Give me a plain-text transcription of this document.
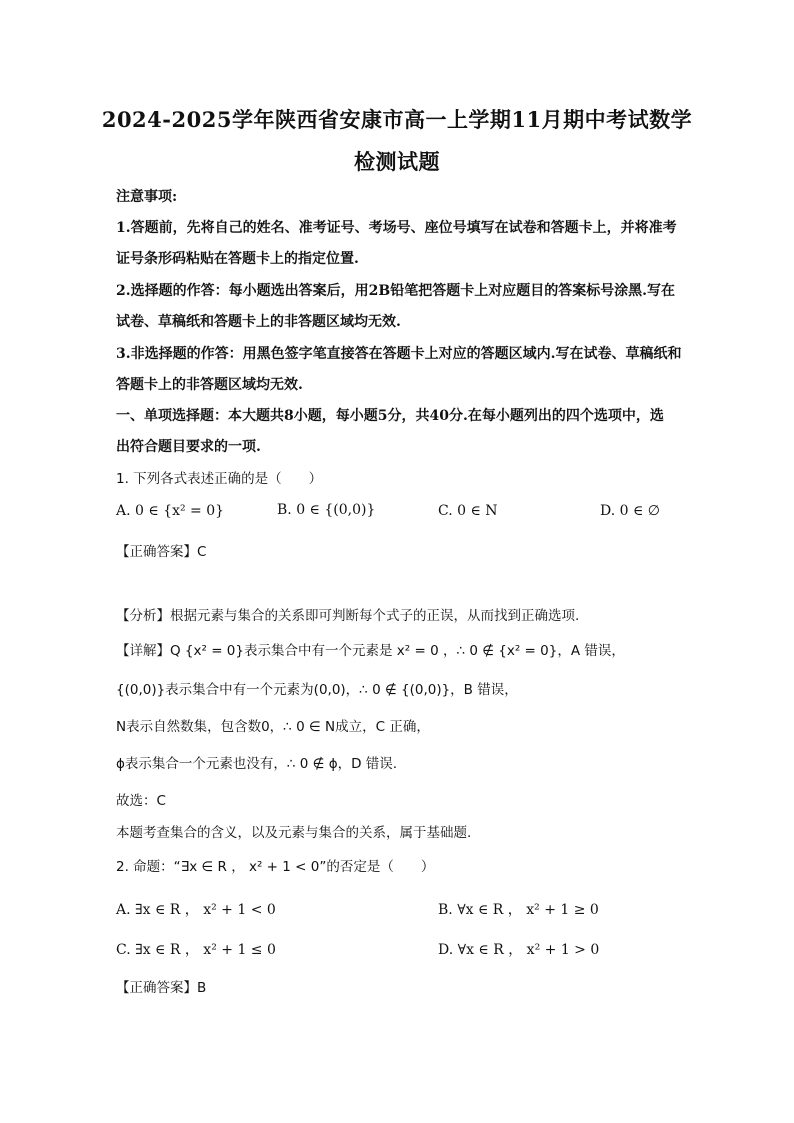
2024-2025学年陕西省安康市高一上学期11月期中考试数学
检测试题
注意事项:
1.答题前，先将自己的姓名、准考证号、考场号、座位号填写在试卷和答题卡上，并将准考
证号条形码粘贴在答题卡上的指定位置.
2.选择题的作答：每小题选出答案后，用2B铅笔把答题卡上对应题目的答案标号涂黑.写在
试卷、草稿纸和答题卡上的非答题区域均无效.
3.非选择题的作答：用黑色签字笔直接答在答题卡上对应的答题区域内.写在试卷、草稿纸和
答题卡上的非答题区域均无效.
一、单项选择题：本大题共8小题，每小题5分，共40分.在每小题列出的四个选项中，选
出符合题目要求的一项.
1. 下列各式表述正确的是（　　）
A. 0 ∈ {x² = 0}	B. 0 ∈ {(0,0)}	C. 0 ∈ N	D. 0 ∈ ∅
【正确答案】C
【分析】根据元素与集合的关系即可判断每个式子的正误，从而找到正确选项.
【详解】Q {x² = 0}表示集合中有一个元素是 x² = 0 ，∴ 0 ∉ {x² = 0}，A 错误，
{(0,0)}表示集合中有一个元素为(0,0)，∴ 0 ∉ {(0,0)}，B 错误，
N表示自然数集，包含数0，∴ 0 ∈ N成立，C 正确，
ϕ表示集合一个元素也没有，∴ 0 ∉ ϕ，D 错误.
故选：C
本题考查集合的含义，以及元素与集合的关系，属于基础题.
2. 命题：“∃x ∈ R ， x² + 1 < 0”的否定是（　　）
A. ∃x ∈ R ， x² + 1 < 0	B. ∀x ∈ R ， x² + 1 ≥ 0
C. ∃x ∈ R ， x² + 1 ≤ 0	D. ∀x ∈ R ， x² + 1 > 0
【正确答案】B
